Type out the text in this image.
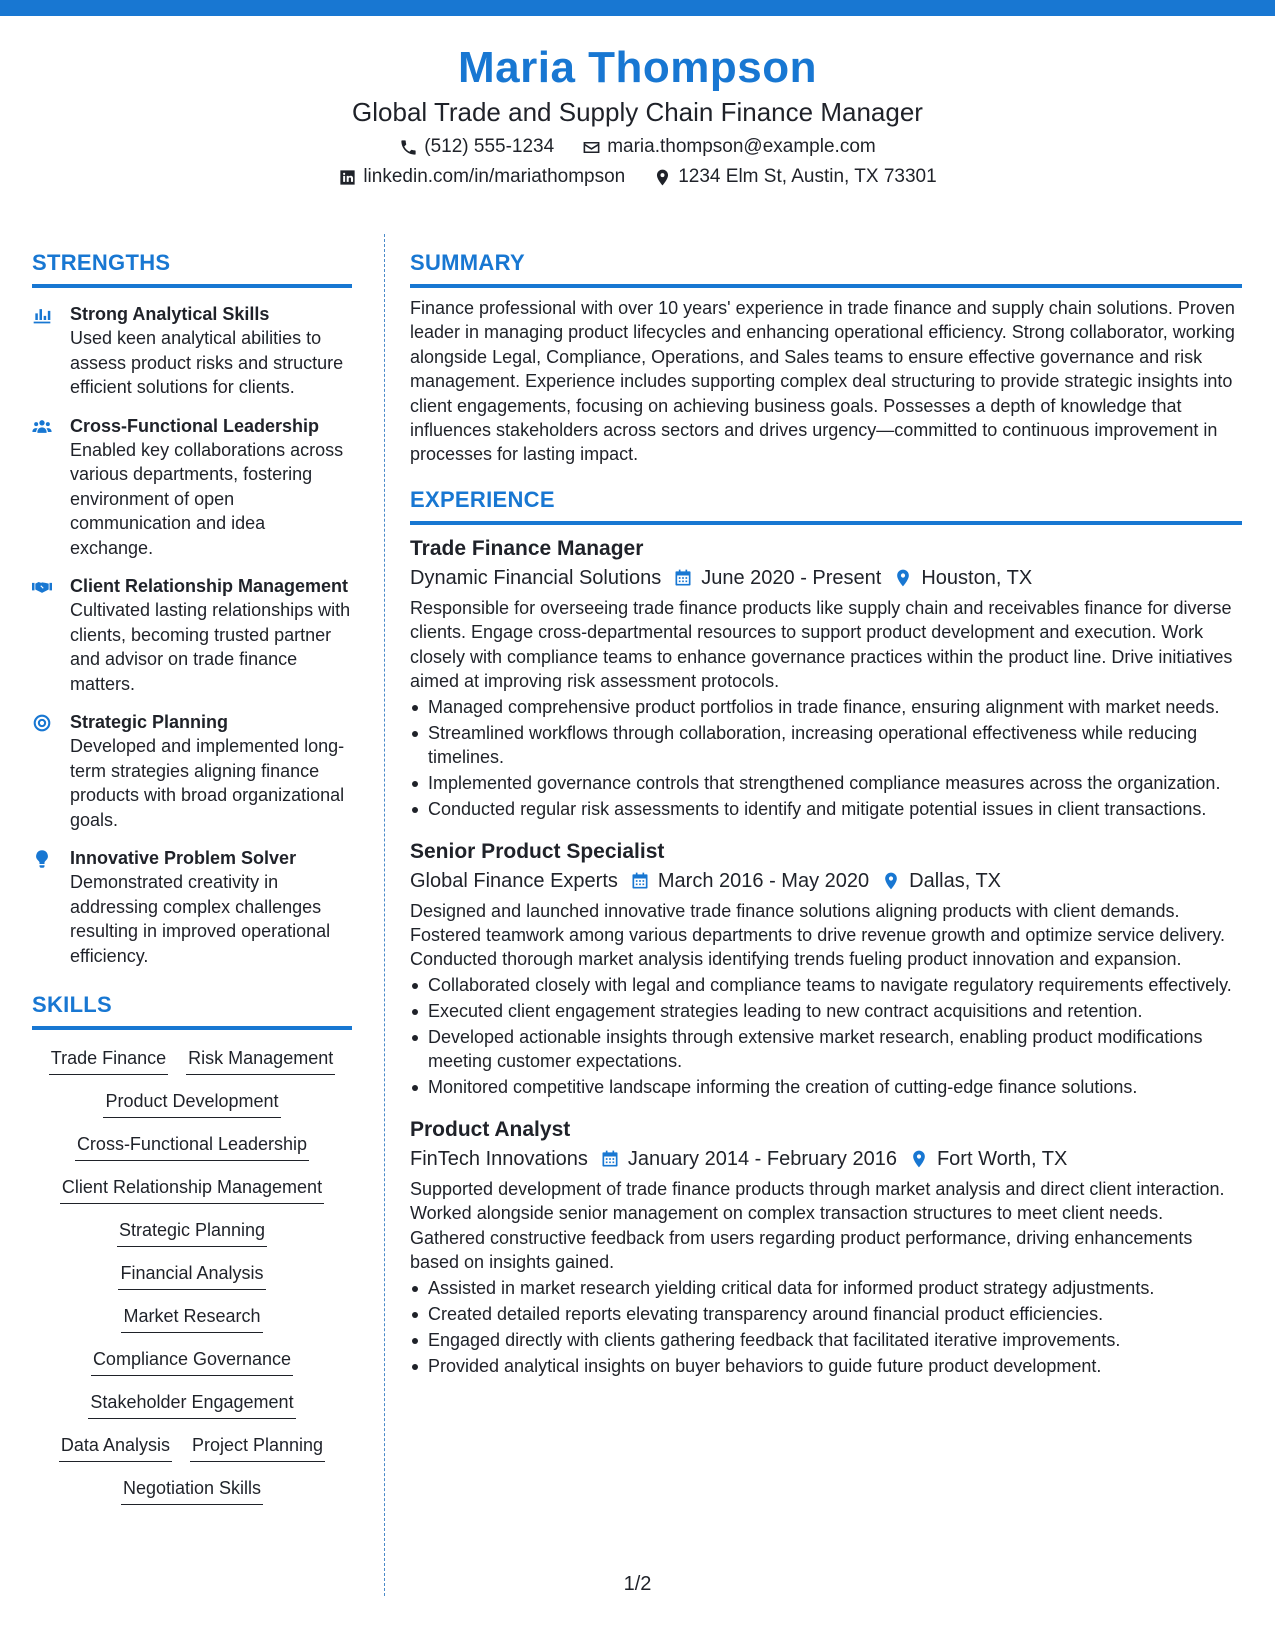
Maria Thompson
Global Trade and Supply Chain Finance Manager
(512) 555-1234	maria.thompson@example.com
linkedin.com/in/mariathompson	1234 Elm St, Austin, TX 73301
STRENGTHS
Strong Analytical Skills
Used keen analytical abilities to assess product risks and structure efficient solutions for clients.
Cross-Functional Leadership
Enabled key collaborations across various departments, fostering environment of open communication and idea exchange.
Client Relationship Management
Cultivated lasting relationships with clients, becoming trusted partner and advisor on trade finance matters.
Strategic Planning
Developed and implemented long-term strategies aligning finance products with broad organizational goals.
Innovative Problem Solver
Demonstrated creativity in addressing complex challenges resulting in improved operational efficiency.
SKILLS
Trade Finance Risk Management
Product Development
Cross-Functional Leadership
Client Relationship Management
Strategic Planning
Financial Analysis
Market Research
Compliance Governance
Stakeholder Engagement
Data Analysis Project Planning
Negotiation Skills
SUMMARY
Finance professional with over 10 years' experience in trade finance and supply chain solutions. Proven leader in managing product lifecycles and enhancing operational efficiency. Strong collaborator, working alongside Legal, Compliance, Operations, and Sales teams to ensure effective governance and risk management. Experience includes supporting complex deal structuring to provide strategic insights into client engagements, focusing on achieving business goals. Possesses a depth of knowledge that influences stakeholders across sectors and drives urgency—committed to continuous improvement in processes for lasting impact.
EXPERIENCE
Trade Finance Manager
Dynamic Financial Solutions June 2020 - Present Houston, TX
Responsible for overseeing trade finance products like supply chain and receivables finance for diverse clients. Engage cross-departmental resources to support product development and execution. Work closely with compliance teams to enhance governance practices within the product line. Drive initiatives aimed at improving risk assessment protocols.
Managed comprehensive product portfolios in trade finance, ensuring alignment with market needs.
Streamlined workflows through collaboration, increasing operational effectiveness while reducing timelines.
Implemented governance controls that strengthened compliance measures across the organization.
Conducted regular risk assessments to identify and mitigate potential issues in client transactions.
Senior Product Specialist
Global Finance Experts March 2016 - May 2020 Dallas, TX
Designed and launched innovative trade finance solutions aligning products with client demands. Fostered teamwork among various departments to drive revenue growth and optimize service delivery. Conducted thorough market analysis identifying trends fueling product innovation and expansion.
Collaborated closely with legal and compliance teams to navigate regulatory requirements effectively.
Executed client engagement strategies leading to new contract acquisitions and retention.
Developed actionable insights through extensive market research, enabling product modifications meeting customer expectations.
Monitored competitive landscape informing the creation of cutting-edge finance solutions.
Product Analyst
FinTech Innovations January 2014 - February 2016 Fort Worth, TX
Supported development of trade finance products through market analysis and direct client interaction. Worked alongside senior management on complex transaction structures to meet client needs. Gathered constructive feedback from users regarding product performance, driving enhancements based on insights gained.
Assisted in market research yielding critical data for informed product strategy adjustments.
Created detailed reports elevating transparency around financial product efficiencies.
Engaged directly with clients gathering feedback that facilitated iterative improvements.
Provided analytical insights on buyer behaviors to guide future product development.
1/2
